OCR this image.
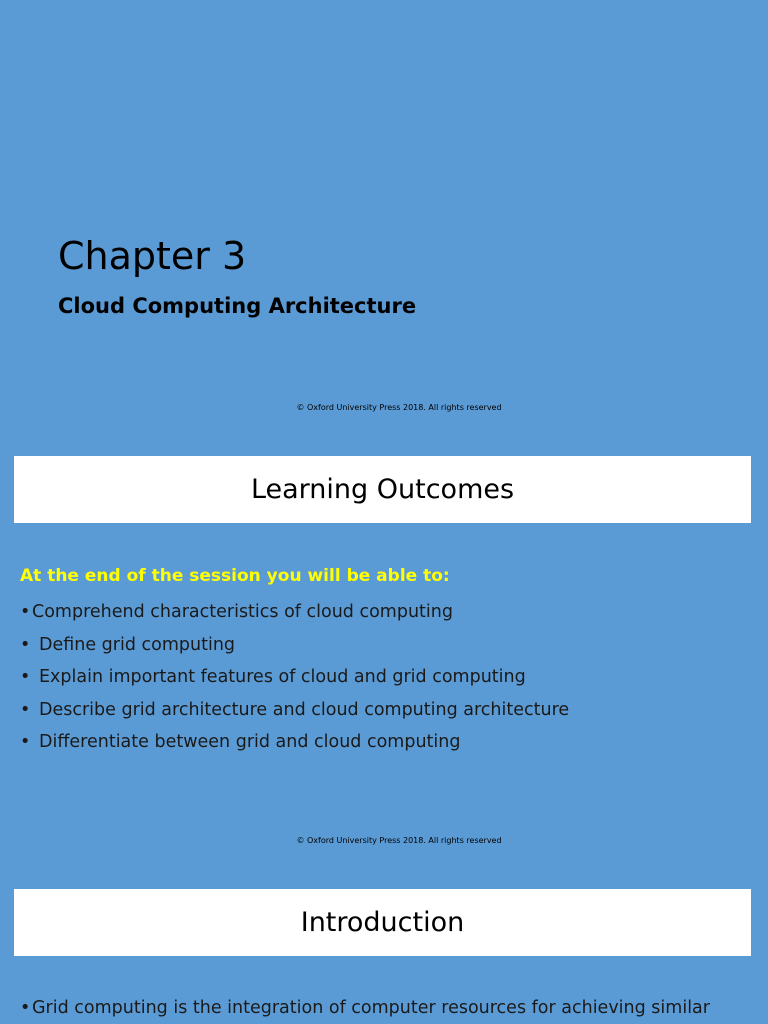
Chapter 3
Cloud Computing Architecture
© Oxford University Press 2018. All rights reserved
Learning Outcomes
At the end of the session you will be able to:
•Comprehend characteristics of cloud computing
• Define grid computing
• Explain important features of cloud and grid computing
• Describe grid architecture and cloud computing architecture
• Differentiate between grid and cloud computing
© Oxford University Press 2018. All rights reserved
Introduction
•Grid computing is the integration of computer resources for achieving similar
